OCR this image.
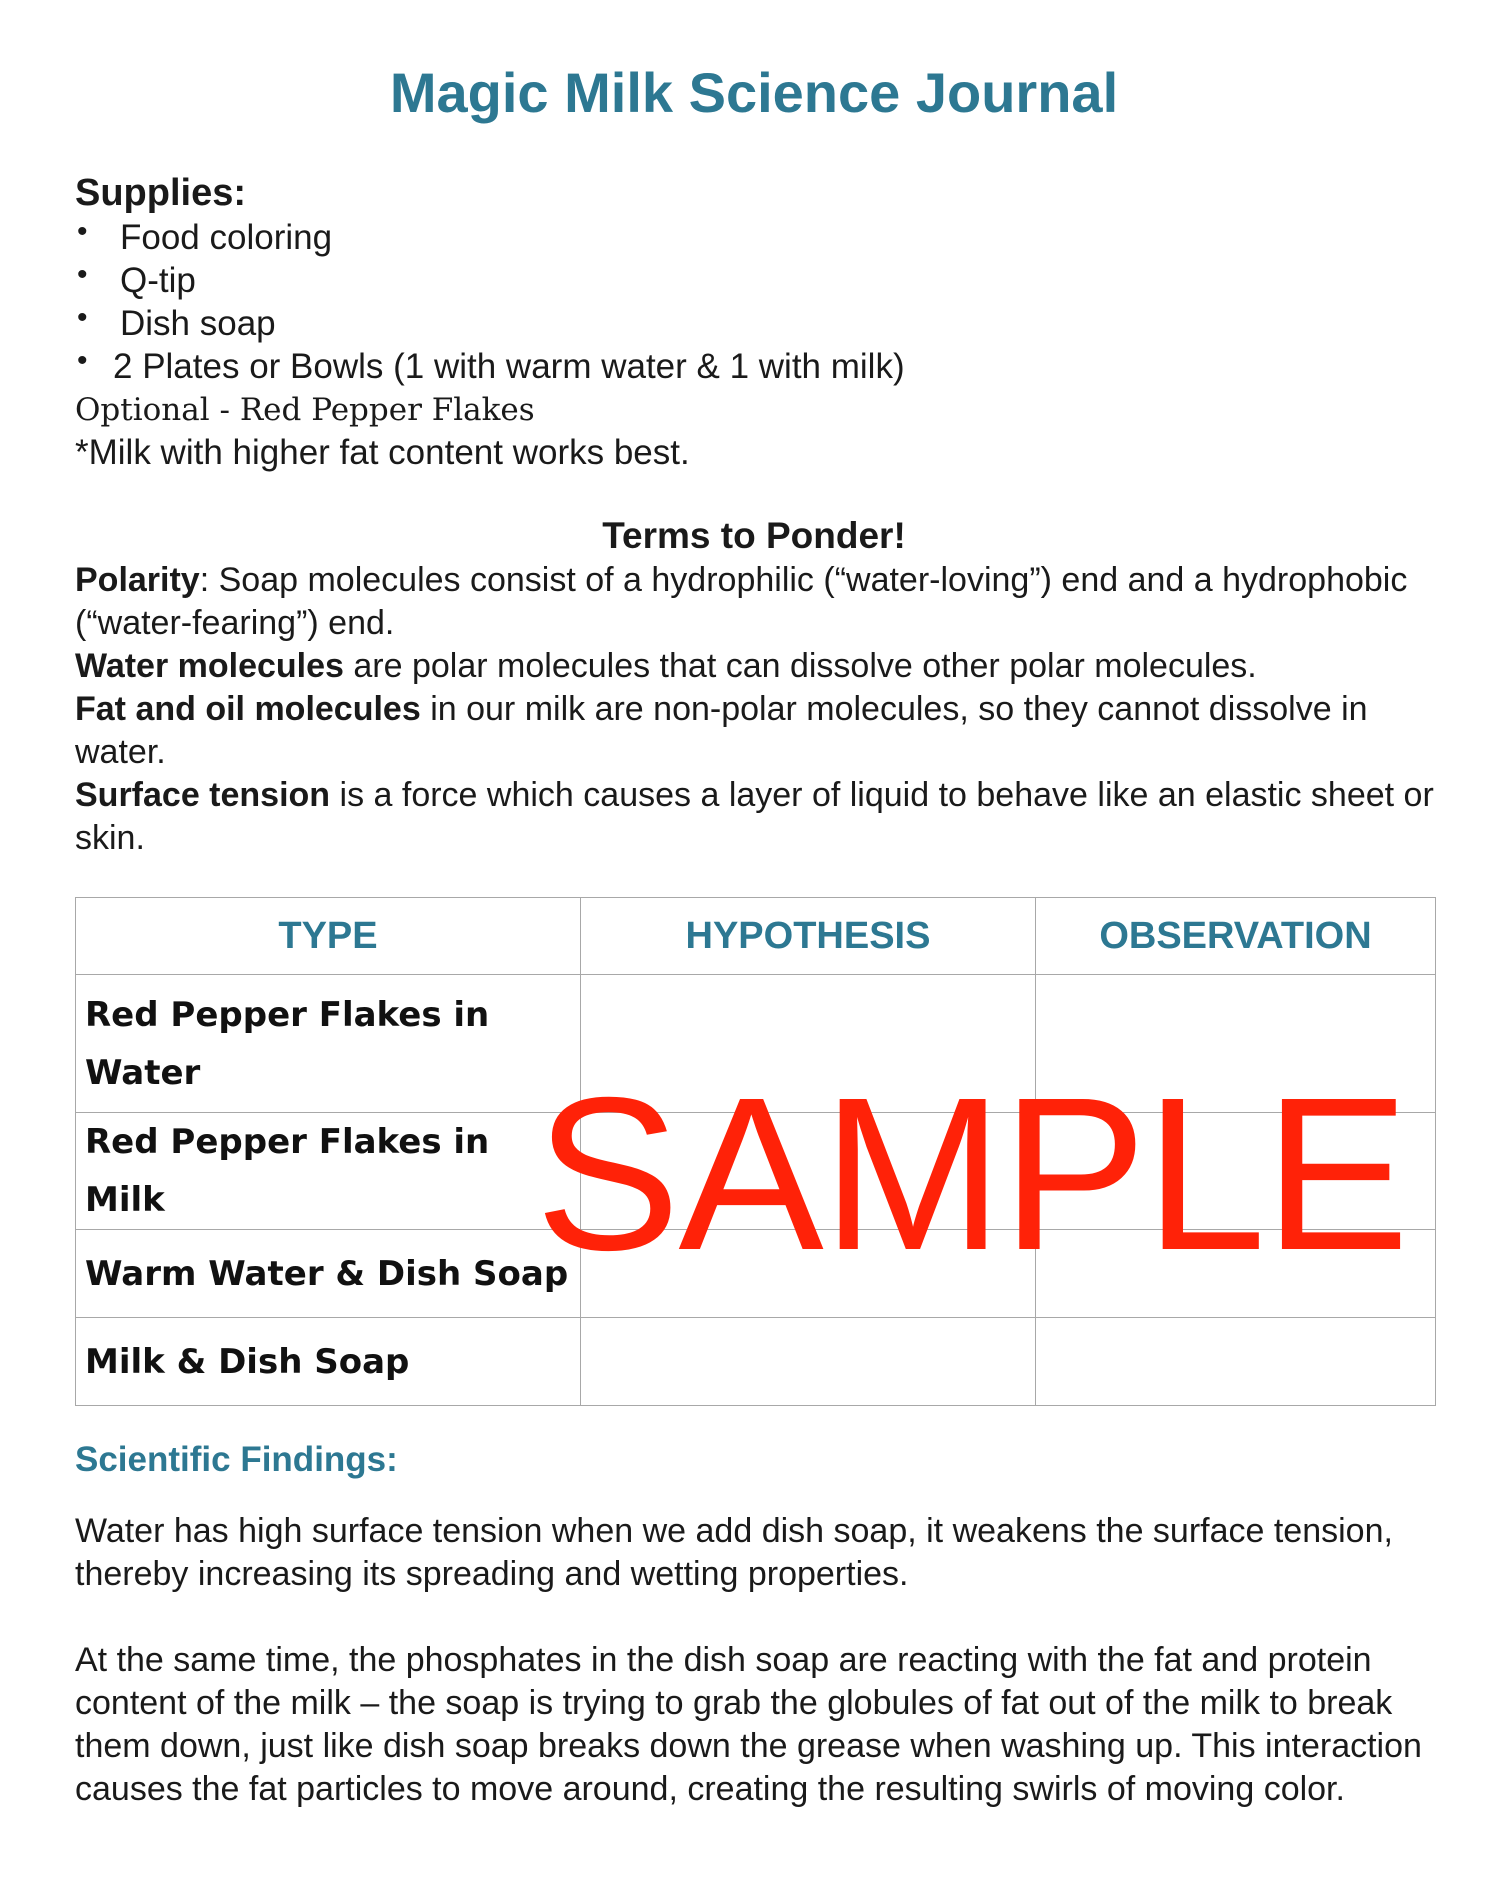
Magic Milk Science Journal
Supplies:
• Food coloring
• Q-tip
• Dish soap
• 2 Plates or Bowls (1 with warm water & 1 with milk)
Optional - Red Pepper Flakes
*Milk with higher fat content works best.
Terms to Ponder!

Polarity: Soap molecules consist of a hydrophilic (“water-loving”) end and a hydrophobic (“water-fearing”) end.

Water molecules are polar molecules that can dissolve other polar molecules.

Fat and oil molecules in our milk are non-polar molecules, so they cannot dissolve in water.

Surface tension is a force which causes a layer of liquid to behave like an elastic sheet or skin.

TYPE	HYPOTHESIS	OBSERVATION
Red Pepper Flakes in Water		
Red Pepper Flakes in Milk		
Warm Water & Dish Soap		
Milk & Dish Soap		
SAMPLE
Scientific Findings:

Water has high surface tension when we add dish soap, it weakens the surface tension, thereby increasing its spreading and wetting properties.

At the same time, the phosphates in the dish soap are reacting with the fat and protein content of the milk – the soap is trying to grab the globules of fat out of the milk to break them down, just like dish soap breaks down the grease when washing up. This interaction causes the fat particles to move around, creating the resulting swirls of moving color.
